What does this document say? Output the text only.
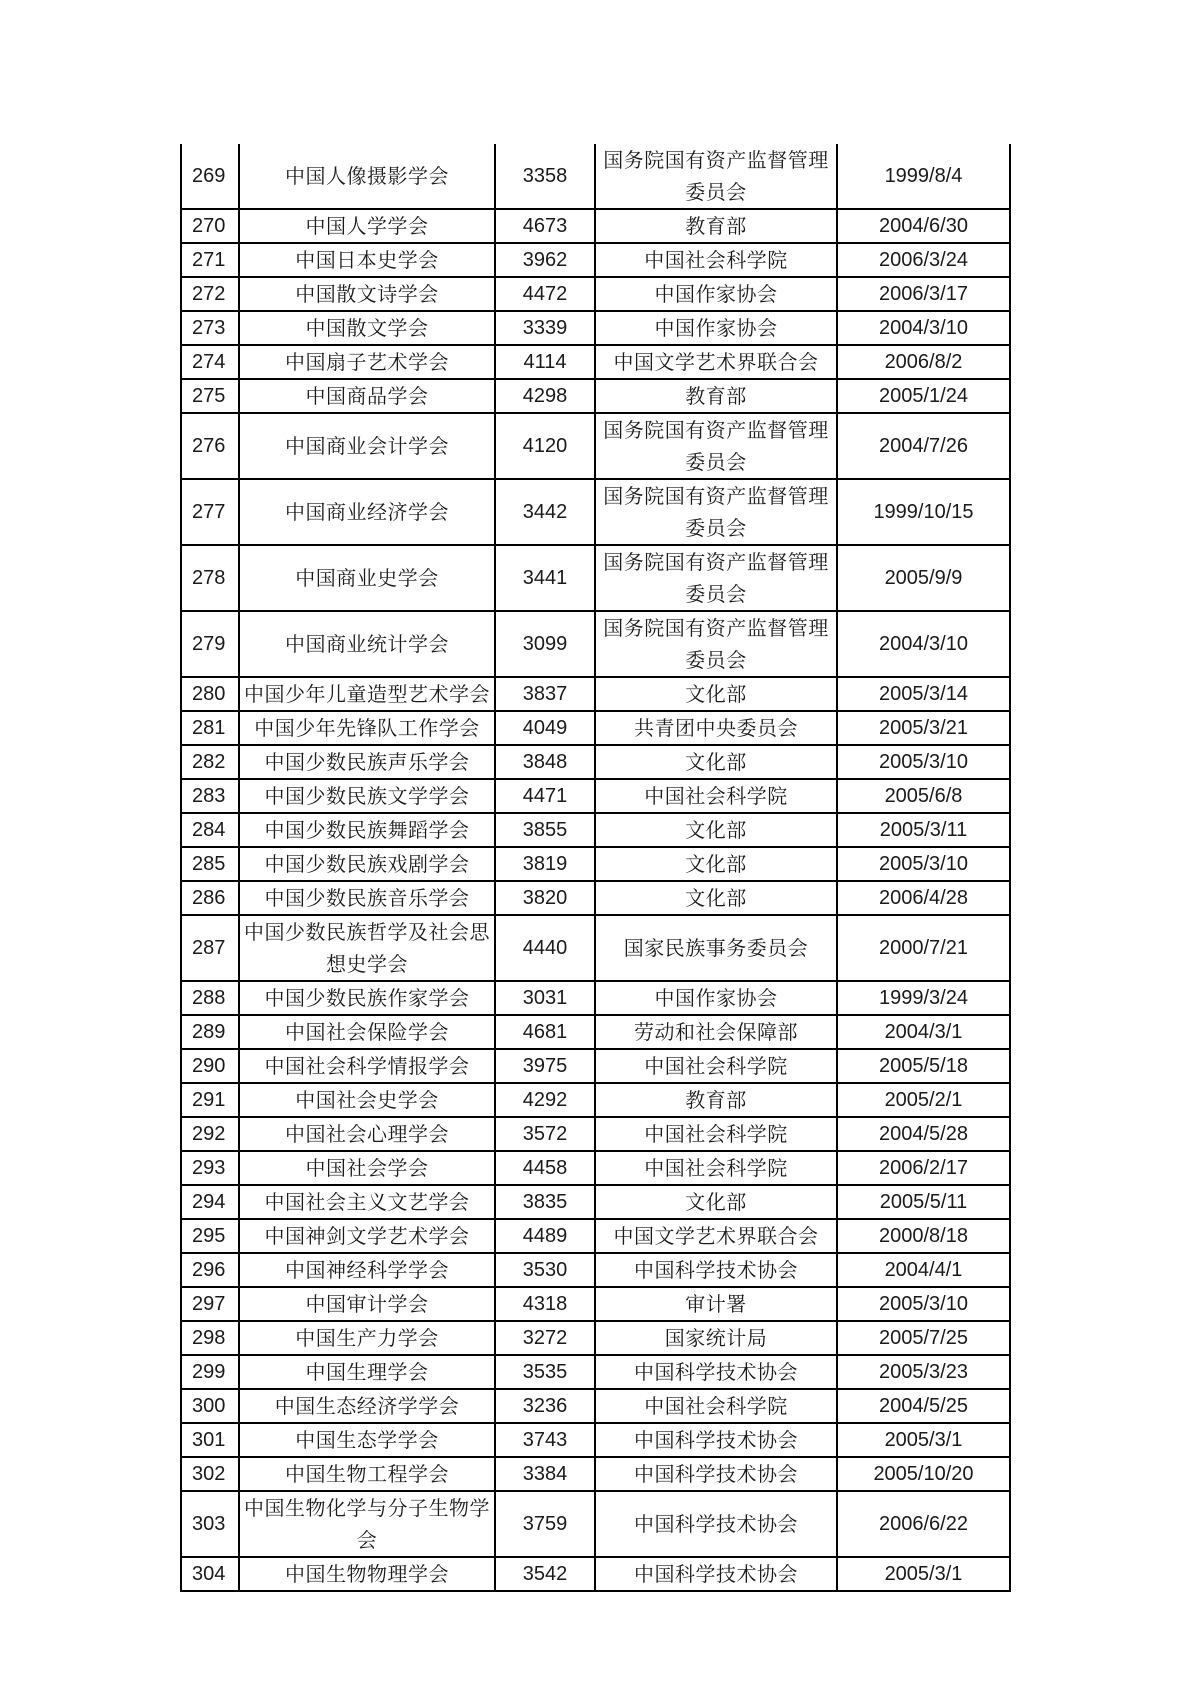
269	中国人像摄影学会	3358	国务院国有资产监督管理委员会	1999/8/4
270	中国人学学会	4673	教育部	2004/6/30
271	中国日本史学会	3962	中国社会科学院	2006/3/24
272	中国散文诗学会	4472	中国作家协会	2006/3/17
273	中国散文学会	3339	中国作家协会	2004/3/10
274	中国扇子艺术学会	4114	中国文学艺术界联合会	2006/8/2
275	中国商品学会	4298	教育部	2005/1/24
276	中国商业会计学会	4120	国务院国有资产监督管理委员会	2004/7/26
277	中国商业经济学会	3442	国务院国有资产监督管理委员会	1999/10/15
278	中国商业史学会	3441	国务院国有资产监督管理委员会	2005/9/9
279	中国商业统计学会	3099	国务院国有资产监督管理委员会	2004/3/10
280	中国少年儿童造型艺术学会	3837	文化部	2005/3/14
281	中国少年先锋队工作学会	4049	共青团中央委员会	2005/3/21
282	中国少数民族声乐学会	3848	文化部	2005/3/10
283	中国少数民族文学学会	4471	中国社会科学院	2005/6/8
284	中国少数民族舞蹈学会	3855	文化部	2005/3/11
285	中国少数民族戏剧学会	3819	文化部	2005/3/10
286	中国少数民族音乐学会	3820	文化部	2006/4/28
287	中国少数民族哲学及社会思想史学会	4440	国家民族事务委员会	2000/7/21
288	中国少数民族作家学会	3031	中国作家协会	1999/3/24
289	中国社会保险学会	4681	劳动和社会保障部	2004/3/1
290	中国社会科学情报学会	3975	中国社会科学院	2005/5/18
291	中国社会史学会	4292	教育部	2005/2/1
292	中国社会心理学会	3572	中国社会科学院	2004/5/28
293	中国社会学会	4458	中国社会科学院	2006/2/17
294	中国社会主义文艺学会	3835	文化部	2005/5/11
295	中国神剑文学艺术学会	4489	中国文学艺术界联合会	2000/8/18
296	中国神经科学学会	3530	中国科学技术协会	2004/4/1
297	中国审计学会	4318	审计署	2005/3/10
298	中国生产力学会	3272	国家统计局	2005/7/25
299	中国生理学会	3535	中国科学技术协会	2005/3/23
300	中国生态经济学学会	3236	中国社会科学院	2004/5/25
301	中国生态学学会	3743	中国科学技术协会	2005/3/1
302	中国生物工程学会	3384	中国科学技术协会	2005/10/20
303	中国生物化学与分子生物学会	3759	中国科学技术协会	2006/6/22
304	中国生物物理学会	3542	中国科学技术协会	2005/3/1
